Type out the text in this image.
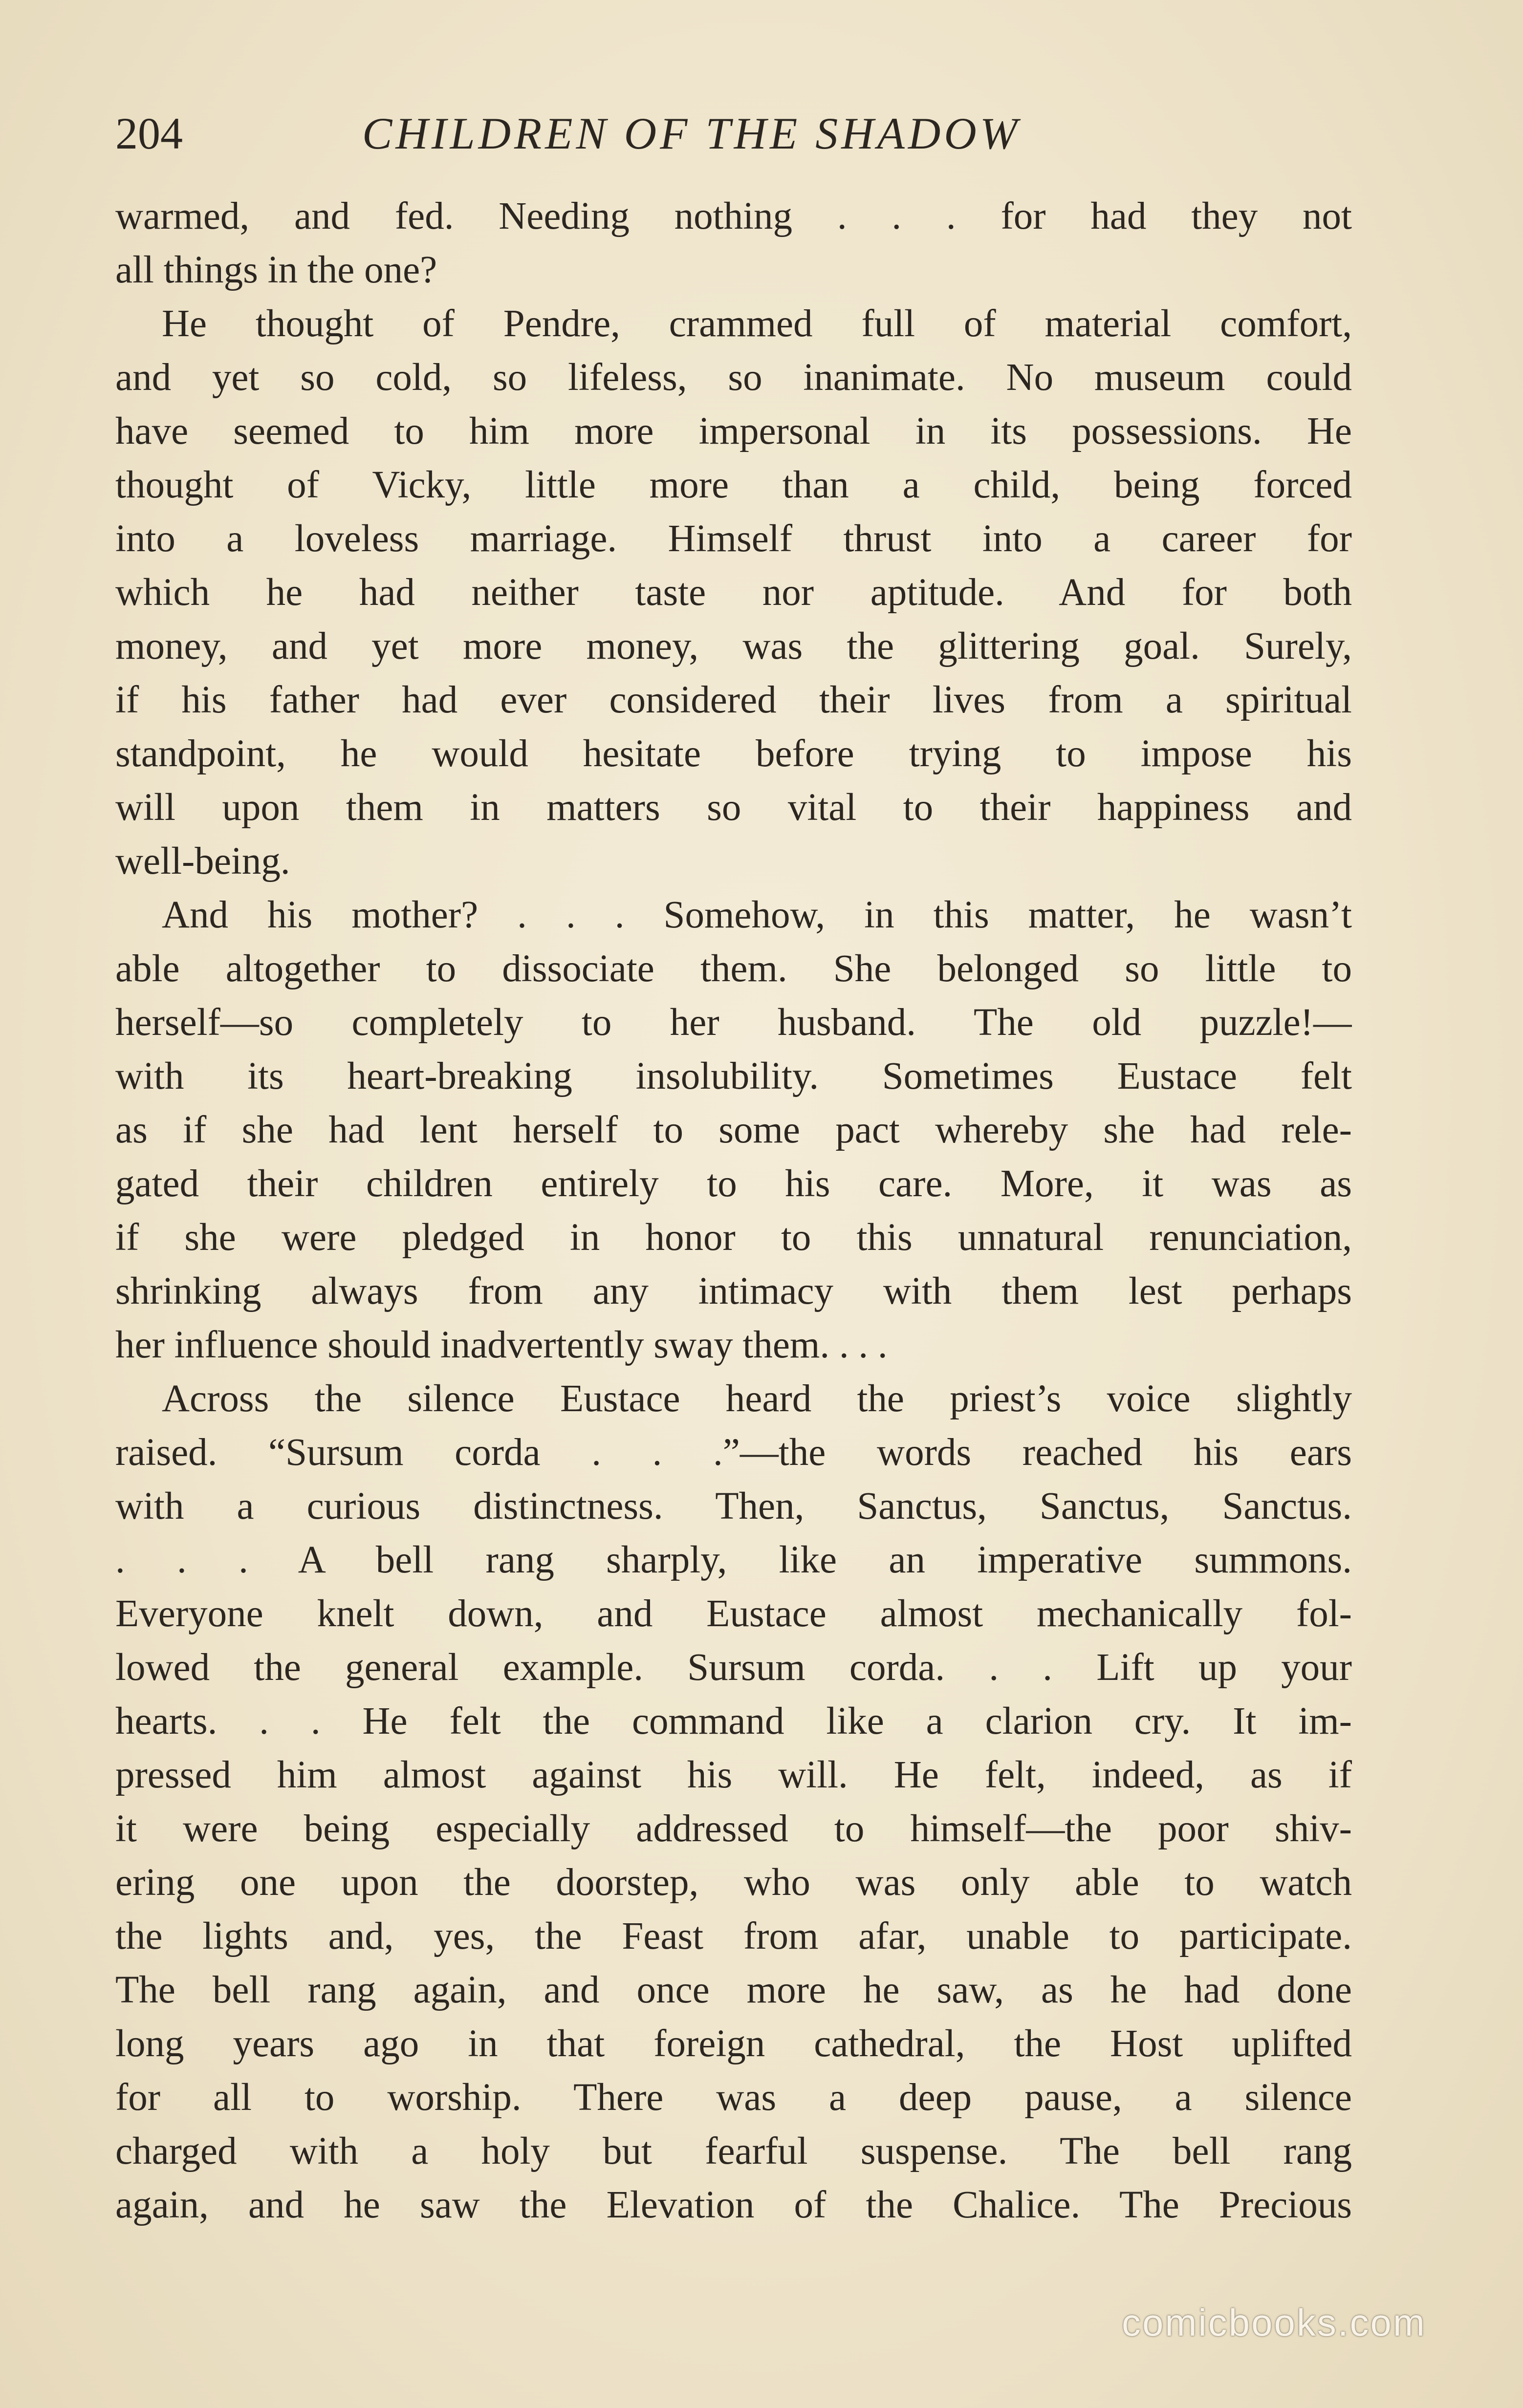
204	CHILDREN OF THE SHADOW
warmed, and fed. Needing nothing . . . for had they not
all things in the one?
He thought of Pendre, crammed full of material comfort,
and yet so cold, so lifeless, so inanimate. No museum could
have seemed to him more impersonal in its possessions. He
thought of Vicky, little more than a child, being forced
into a loveless marriage. Himself thrust into a career for
which he had neither taste nor aptitude. And for both
money, and yet more money, was the glittering goal. Surely,
if his father had ever considered their lives from a spiritual
standpoint, he would hesitate before trying to impose his
will upon them in matters so vital to their happiness and
well-being.
And his mother? . . . Somehow, in this matter, he wasn’t
able altogether to dissociate them. She belonged so little to
herself—so completely to her husband. The old puzzle!—
with its heart-breaking insolubility. Sometimes Eustace felt
as if she had lent herself to some pact whereby she had rele-
gated their children entirely to his care. More, it was as
if she were pledged in honor to this unnatural renunciation,
shrinking always from any intimacy with them lest perhaps
her influence should inadvertently sway them. . . .
Across the silence Eustace heard the priest’s voice slightly
raised. “Sursum corda . . .”—the words reached his ears
with a curious distinctness. Then, Sanctus, Sanctus, Sanctus.
. . . A bell rang sharply, like an imperative summons.
Everyone knelt down, and Eustace almost mechanically fol-
lowed the general example. Sursum corda. . . Lift up your
hearts. . . He felt the command like a clarion cry. It im-
pressed him almost against his will. He felt, indeed, as if
it were being especially addressed to himself—the poor shiv-
ering one upon the doorstep, who was only able to watch
the lights and, yes, the Feast from afar, unable to participate.
The bell rang again, and once more he saw, as he had done
long years ago in that foreign cathedral, the Host uplifted
for all to worship. There was a deep pause, a silence
charged with a holy but fearful suspense. The bell rang
again, and he saw the Elevation of the Chalice. The Precious
comicbooks.com
